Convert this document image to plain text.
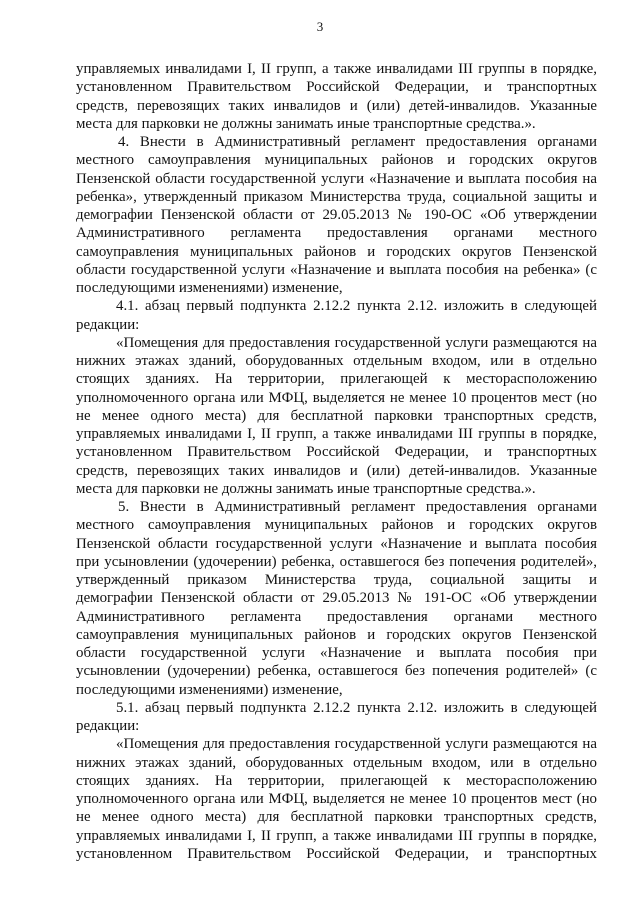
3
управляемых инвалидами I, II групп, а также инвалидами III группы в порядке,
установленном Правительством Российской Федерации, и транспортных
средств, перевозящих таких инвалидов и (или) детей-инвалидов. Указанные
места для парковки не должны занимать иные транспортные средства.».
4. Внести в Административный регламент предоставления органами
местного самоуправления муниципальных районов и городских округов
Пензенской области государственной услуги «Назначение и выплата пособия на
ребенка», утвержденный приказом Министерства труда, социальной защиты и
демографии Пензенской области от 29.05.2013 № 190-ОС «Об утверждении
Административного регламента предоставления органами местного
самоуправления муниципальных районов и городских округов Пензенской
области государственной услуги «Назначение и выплата пособия на ребенка» (с
последующими изменениями) изменение,
4.1. абзац первый подпункта 2.12.2 пункта 2.12. изложить в следующей
редакции:
«Помещения для предоставления государственной услуги размещаются на
нижних этажах зданий, оборудованных отдельным входом, или в отдельно
стоящих зданиях. На территории, прилегающей к месторасположению
уполномоченного органа или МФЦ, выделяется не менее 10 процентов мест (но
не менее одного места) для бесплатной парковки транспортных средств,
управляемых инвалидами I, II групп, а также инвалидами III группы в порядке,
установленном Правительством Российской Федерации, и транспортных
средств, перевозящих таких инвалидов и (или) детей-инвалидов. Указанные
места для парковки не должны занимать иные транспортные средства.».
5. Внести в Административный регламент предоставления органами
местного самоуправления муниципальных районов и городских округов
Пензенской области государственной услуги «Назначение и выплата пособия
при усыновлении (удочерении) ребенка, оставшегося без попечения родителей»,
утвержденный приказом Министерства труда, социальной защиты и
демографии Пензенской области от 29.05.2013 № 191-ОС «Об утверждении
Административного регламента предоставления органами местного
самоуправления муниципальных районов и городских округов Пензенской
области государственной услуги «Назначение и выплата пособия при
усыновлении (удочерении) ребенка, оставшегося без попечения родителей» (с
последующими изменениями) изменение,
5.1. абзац первый подпункта 2.12.2 пункта 2.12. изложить в следующей
редакции:
«Помещения для предоставления государственной услуги размещаются на
нижних этажах зданий, оборудованных отдельным входом, или в отдельно
стоящих зданиях. На территории, прилегающей к месторасположению
уполномоченного органа или МФЦ, выделяется не менее 10 процентов мест (но
не менее одного места) для бесплатной парковки транспортных средств,
управляемых инвалидами I, II групп, а также инвалидами III группы в порядке,
установленном Правительством Российской Федерации, и транспортных
